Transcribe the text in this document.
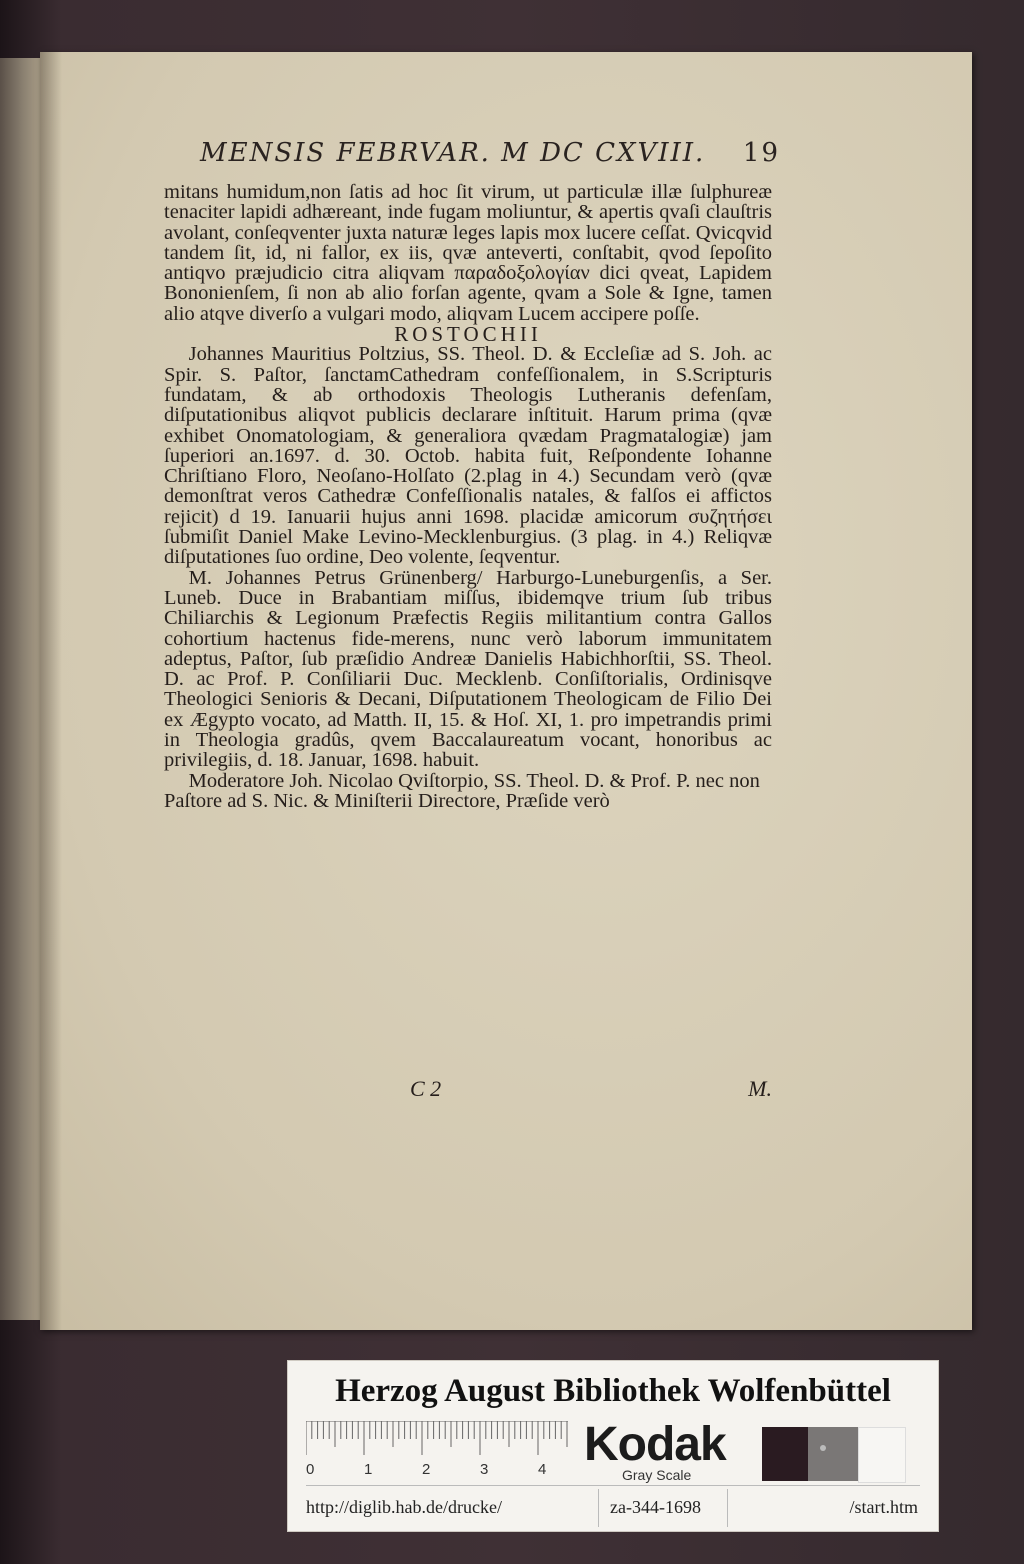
MENSIS FEBRVAR. M DC CXVIII. 19

mitans humidum,non ſatis ad hoc ſit virum, ut particulæ illæ ſulphureæ tenaciter lapidi adhæreant, inde fugam moliuntur, & apertis qvaſi clauſtris avolant, conſeqventer juxta naturæ leges lapis mox lucere ceſſat. Qvicqvid tandem ſit, id, ni fallor, ex iis, qvæ anteverti, conſtabit, qvod ſepoſito antiqvo præjudicio citra aliqvam παραδοξολογίαν dici qveat, Lapidem Bononienſem, ſi non ab alio forſan agente, qvam a Sole & Igne, tamen alio atqve diverſo a vulgari modo, aliqvam Lucem accipere poſſe.

ROSTOCHII

Johannes Mauritius Poltzius, SS. Theol. D. & Eccleſiæ ad S. Joh. ac Spir. S. Paſtor, ſanctamCathedram confeſſionalem, in S.Scripturis fundatam, & ab orthodoxis Theologis Lutheranis defenſam, diſputationibus aliqvot publicis declarare inſtituit. Harum prima (qvæ exhibet Onomatologiam, & generaliora qvædam Pragmatalogiæ) jam ſuperiori an.1697. d. 30. Octob. habita fuit, Reſpondente Iohanne Chriſtiano Floro, Neoſano-Holſato (2.plag in 4.) Secundam verò (qvæ demonſtrat veros Cathedræ Confeſſionalis natales, & falſos ei affictos rejicit) d 19. Ianuarii hujus anni 1698. placidæ amicorum συζητήσει ſubmiſit Daniel Make Levino-Mecklenburgius. (3 plag. in 4.) Reliqvæ diſputationes ſuo ordine, Deo volente, ſeqventur.

M. Johannes Petrus Grünenberg/ Harburgo-Luneburgenſis, a Ser. Luneb. Duce in Brabantiam miſſus, ibidemqve trium ſub tribus Chiliarchis & Legionum Præfectis Regiis militantium contra Gallos cohortium hactenus fide-merens, nunc verò laborum immunitatem adeptus, Paſtor, ſub præſidio Andreæ Danielis Habichhorſtii, SS. Theol. D. ac Prof. P. Conſiliarii Duc. Mecklenb. Conſiſtorialis, Ordinisqve Theologici Senioris & Decani, Diſputationem Theologicam de Filio Dei ex Ægypto vocato, ad Matth. II, 15. & Hoſ. XI, 1. pro impetrandis primi in Theologia gradûs, qvem Baccalaureatum vocant, honoribus ac privilegiis, d. 18. Januar, 1698. habuit.

Moderatore Joh. Nicolao Qviſtorpio, SS. Theol. D. & Prof. P. nec non Paſtore ad S. Nic. & Miniſterii Directore, Præſide verò

C 2	M.
Herzog August Bibliothek Wolfenbüttel
0	1	2	3	4 Kodak
Gray Scale
http://diglib.hab.de/drucke/	za-344-1698	/start.htm
